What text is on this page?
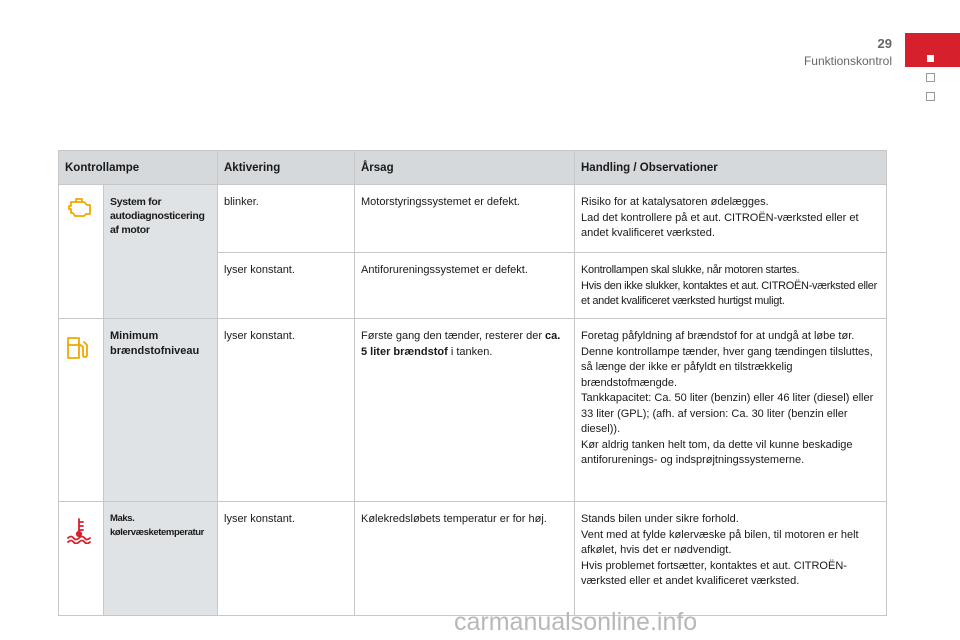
29
Funktionskontrol
Kontrollampe		Aktivering	Årsag	Handling / Observationer
	System for autodiagnosticering af motor	blinker.	Motorstyringssystemet er defekt.	Risiko for at katalysatoren ødelægges.
Lad det kontrollere på et aut. CITROËN-værksted eller et andet kvalificeret værksted.

		lyser konstant.	Antiforureningssystemet er defekt.	Kontrollampen skal slukke, når motoren startes.
Hvis den ikke slukker, kontaktes et aut. CITROËN-værksted eller et andet kvalificeret værksted hurtigst muligt.

	Minimum brændstofniveau	lyser konstant.	Første gang den tænder, resterer der ca. 5 liter brændstof i tanken.	Foretag påfyldning af brændstof for at undgå at løbe tør.
Denne kontrollampe tænder, hver gang tændingen tilsluttes, så længe der ikke er påfyldt en tilstrækkelig brændstofmængde.
Tankkapacitet: Ca. 50 liter (benzin) eller 46 liter (diesel) eller 33 liter (GPL); (afh. af version: Ca. 30 liter (benzin eller diesel)).
Kør aldrig tanken helt tom, da dette vil kunne beskadige antiforurenings- og indsprøjtningssystemerne.

	Maks. kølervæsketemperatur	lyser konstant.	Kølekredsløbets temperatur er for høj.	Stands bilen under sikre forhold.
Vent med at fylde kølervæske på bilen, til motoren er helt afkølet, hvis det er nødvendigt.
Hvis problemet fortsætter, kontaktes et aut. CITROËN-værksted eller et andet kvalificeret værksted.
carmanualsonline.info
